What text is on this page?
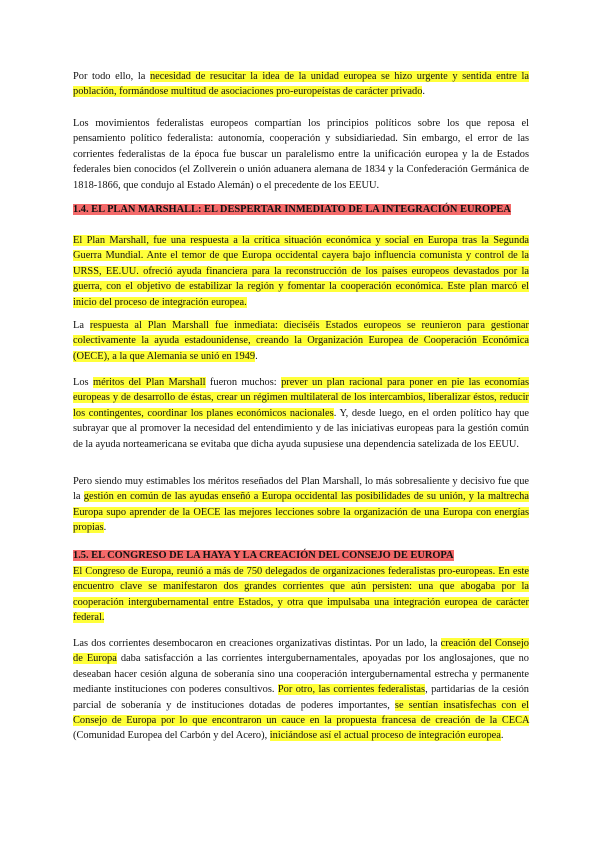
Por todo ello, la necesidad de resucitar la idea de la unidad europea se hizo urgente y sentida entre la población, formándose multitud de asociaciones pro-europeístas de carácter privado.

Los movimientos federalistas europeos compartían los principios políticos sobre los que reposa el pensamiento político federalista: autonomía, cooperación y subsidiariedad. Sin embargo, el error de las corrientes federalistas de la época fue buscar un paralelismo entre la unificación europea y la de Estados federales bien conocidos (el Zollverein o unión aduanera alemana de 1834 y la Confederación Germánica de 1818-1866, que condujo al Estado Alemán) o el precedente de los EEUU.

1.4. EL PLAN MARSHALL: EL DESPERTAR INMEDIATO DE LA INTEGRACIÓN EUROPEA

El Plan Marshall, fue una respuesta a la crítica situación económica y social en Europa tras la Segunda Guerra Mundial. Ante el temor de que Europa occidental cayera bajo influencia comunista y control de la URSS, EE.UU. ofreció ayuda financiera para la reconstrucción de los países europeos devastados por la guerra, con el objetivo de estabilizar la región y fomentar la cooperación económica. Este plan marcó el inicio del proceso de integración europea.

La respuesta al Plan Marshall fue inmediata: dieciséis Estados europeos se reunieron para gestionar colectivamente la ayuda estadounidense, creando la Organización Europea de Cooperación Económica (OECE), a la que Alemania se unió en 1949.

Los méritos del Plan Marshall fueron muchos: prever un plan racional para poner en pie las economías europeas y de desarrollo de éstas, crear un régimen multilateral de los intercambios, liberalizar éstos, reducir los contingentes, coordinar los planes económicos nacionales. Y, desde luego, en el orden político hay que subrayar que al promover la necesidad del entendimiento y de las iniciativas europeas para la gestión común de la ayuda norteamericana se evitaba que dicha ayuda supusiese una dependencia satelizada de los EEUU.

Pero siendo muy estimables los méritos reseñados del Plan Marshall, lo más sobresaliente y decisivo fue que la gestión en común de las ayudas enseñó a Europa occidental las posibilidades de su unión, y la maltrecha Europa supo aprender de la OECE las mejores lecciones sobre la organización de una Europa con energías propias.

1.5. EL CONGRESO DE LA HAYA Y LA CREACIÓN DEL CONSEJO DE EUROPA

El Congreso de Europa, reunió a más de 750 delegados de organizaciones federalistas pro-europeas. En este encuentro clave se manifestaron dos grandes corrientes que aún persisten: una que abogaba por la cooperación intergubernamental entre Estados, y otra que impulsaba una integración europea de carácter federal.

Las dos corrientes desembocaron en creaciones organizativas distintas. Por un lado, la creación del Consejo de Europa daba satisfacción a las corrientes intergubernamentales, apoyadas por los anglosajones, que no deseaban hacer cesión alguna de soberanía sino una cooperación intergubernamental estrecha y permanente mediante instituciones con poderes consultivos. Por otro, las corrientes federalistas, partidarias de la cesión parcial de soberanía y de instituciones dotadas de poderes importantes, se sentían insatisfechas con el Consejo de Europa por lo que encontraron un cauce en la propuesta francesa de creación de la CECA (Comunidad Europea del Carbón y del Acero), iniciándose así el actual proceso de integración europea.
